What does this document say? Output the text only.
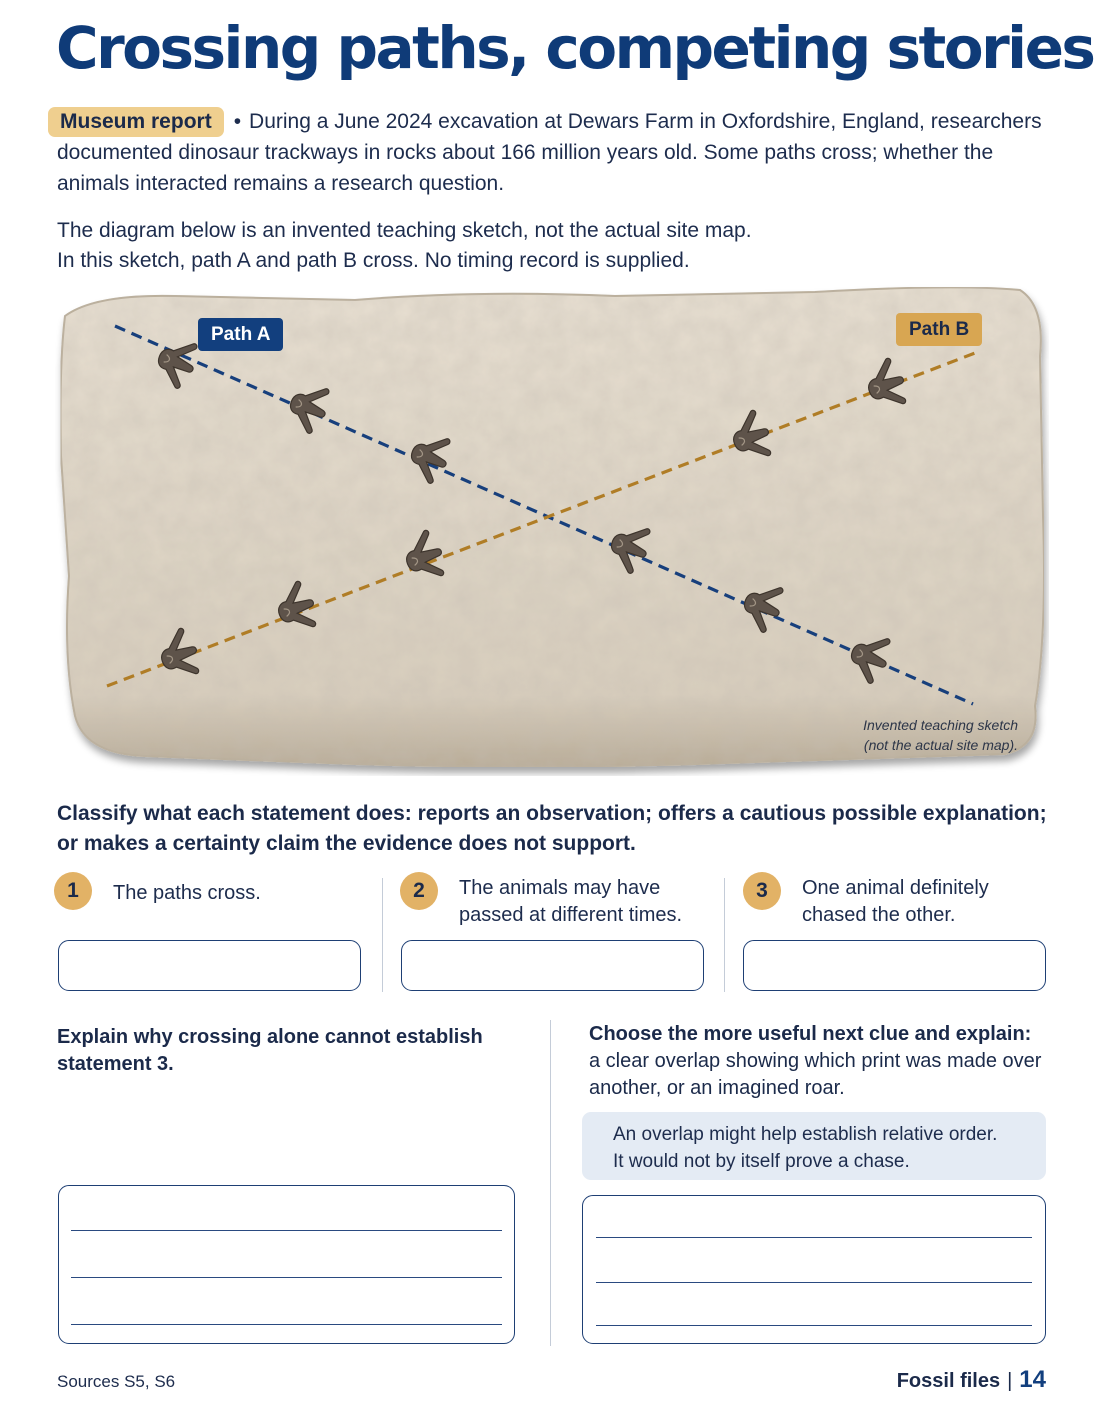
Crossing paths, competing stories
Museum report • During a June 2024 excavation at Dewars Farm in Oxfordshire, England, researchers documented dinosaur trackways in rocks about 166 million years old. Some paths cross; whether the animals interacted remains a research question.
The diagram below is an invented teaching sketch, not the actual site map.
In this sketch, path A and path B cross. No timing record is supplied.
Path A	Path B
Invented teaching sketch
(not the actual site map).
Classify what each statement does: reports an observation; offers a cautious possible explanation; or makes a certainty claim the evidence does not support.
1	The paths cross.	2	The animals may have passed at different times.
3	One animal definitely chased the other.
Explain why crossing alone cannot establish statement 3.
Choose the more useful next clue and explain:
a clear overlap showing which print was made over another, or an imagined roar.
An overlap might help establish relative order.
It would not by itself prove a chase.
Sources S5, S6	Fossil files | 14
